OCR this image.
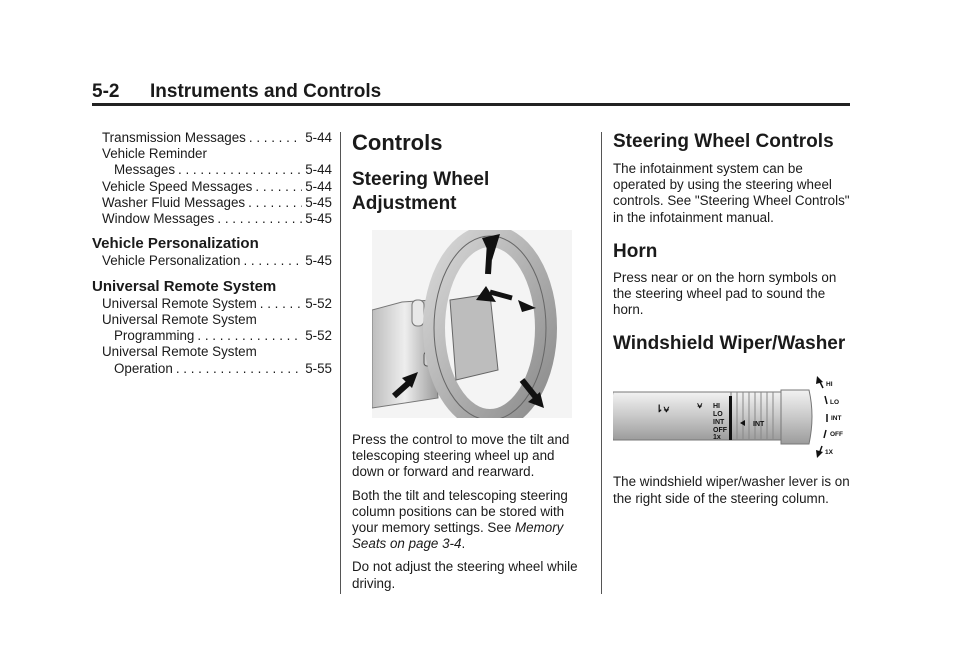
5-2 Instruments and Controls
Transmission Messages . . .	5-44
Vehicle Reminder
Messages . . .	5-44
Vehicle Speed Messages . . .	5-44
Washer Fluid Messages . . .	5-45
Window Messages . . .	5-45
Vehicle Personalization
Vehicle Personalization . . .	5-45
Universal Remote System
Universal Remote System . . .	5-52
Universal Remote System
Programming . . .	5-52
Universal Remote System
Operation . . .	5-55
Controls
Steering Wheel
Adjustment

Press the control to move the tilt and telescoping steering wheel up and down or forward and rearward.

Both the tilt and telescoping steering column positions can be stored with your memory settings. See Memory Seats on page 3-4.

Do not adjust the steering wheel while driving.

Steering Wheel Controls

The infotainment system can be operated by using the steering wheel controls. See "Steering Wheel Controls" in the infotainment manual.

Horn

Press near or on the horn symbols on the steering wheel pad to sound the horn.

Windshield Wiper/Washer
⇂⍱	⍱ HI
LO
INT
OFF
1x
INT
HI
LO
INT
OFF
1X

The windshield wiper/washer lever is on the right side of the steering column.
